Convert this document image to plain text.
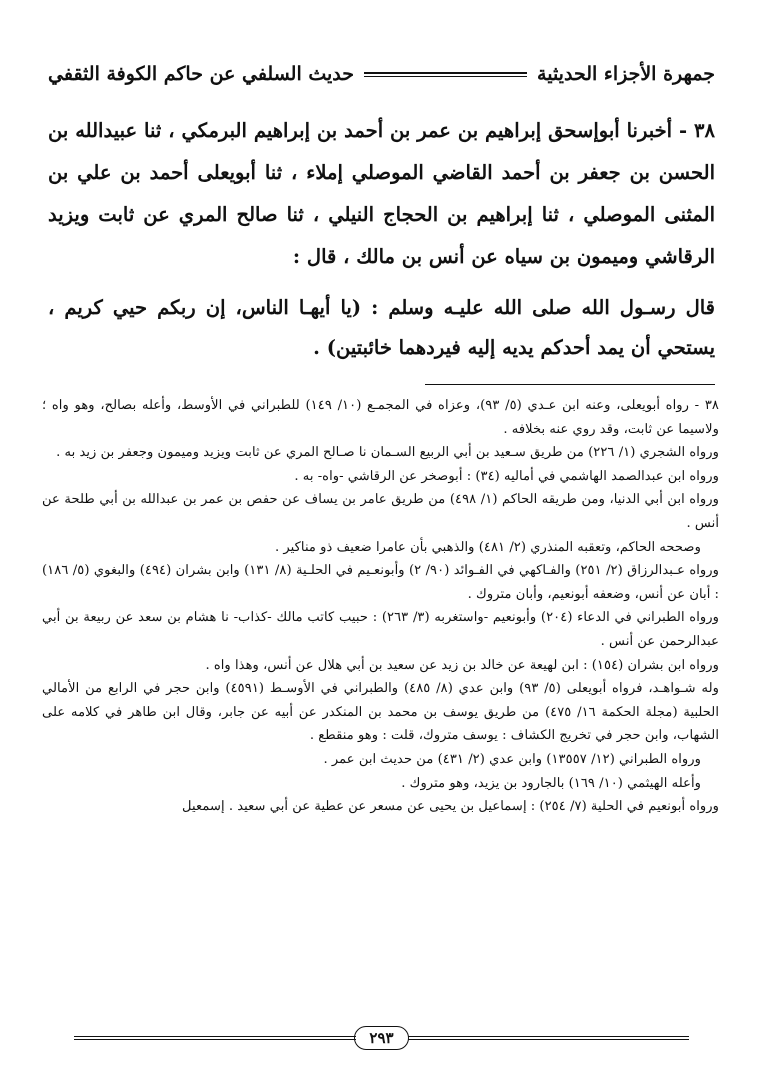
جمهرة الأجزاء الحديثية
حديث السلفي عن حاكم الكوفة الثقفي

٣٨ - أخبرنا أبوإسحق إبراهيم بن عمر بن أحمد بن إبراهيم البرمكي ، ثنا عبيدالله بن الحسن بن جعفر بن أحمد القاضي الموصلي إملاء ، ثنا أبويعلى أحمد بن علي بن المثنى الموصلي ، ثنا إبراهيم بن الحجاج النيلي ، ثنا صالح المري عن ثابت ويزيد الرقاشي وميمون بن سياه عن أنس بن مالك ، قال :

قال رسـول الله صلى الله عليـه وسلم : (يا أيهـا الناس، إن ربكم حيي كريم ، يستحي أن يمد أحدكم يديه إليه فيردهما خائبتين) .

٣٨ - رواه أبويعلى، وعنه ابن عـدي (٥/ ٩٣)، وعزاه في المجمـع (١٠/ ١٤٩) للطبراني في الأوسط، وأعله بصالح، وهو واه ؛ ولاسيما عن ثابت، وقد روي عنه بخلافه .

ورواه الشجري (١/ ٢٢٦) من طريق سـعيد بن أبي الربيع السـمان نا صـالح المري عن ثابت ويزيد وميمون وجعفر بن زيد به .

ورواه ابن عبدالصمد الهاشمي في أماليه (٣٤) : أبوصخر عن الرقاشي -واه- به .

ورواه ابن أبي الدنيا، ومن طريقه الحاكم (١/ ٤٩٨) من طريق عامر بن يساف عن حفص بن عمر بن عبدالله بن أبي طلحة عن أنس .

وصححه الحاكم، وتعقبه المنذري (٢/ ٤٨١) والذهبي بأن عامرا ضعيف ذو مناكير .

ورواه عـبدالرزاق (٢/ ٢٥١) والفـاكهي في الفـوائد (٩٠/ ٢) وأبونعـيم في الحلـية (٨/ ١٣١) وابن بشران (٤٩٤) والبغوي (٥/ ١٨٦) : أبان عن أنس، وضعفه أبونعيم، وأبان متروك .

ورواه الطبراني في الدعاء (٢٠٤) وأبونعيم -واستغربه (٣/ ٢٦٣) : حبيب كاتب مالك -كذاب- نا هشام بن سعد عن ربيعة بن أبي عبدالرحمن عن أنس .

ورواه ابن بشران (١٥٤) : ابن لهيعة عن خالد بن زيد عن سعيد بن أبي هلال عن أنس، وهذا واه .

وله شـواهـد، فرواه أبويعلى (٥/ ٩٣) وابن عدي (٨/ ٤٨٥) والطبراني في الأوسـط (٤٥٩١) وابن حجر في الرابع من الأمالي الحلبية (مجلة الحكمة ١٦/ ٤٧٥) من طريق يوسف بن محمد بن المنكدر عن أبيه عن جابر، وقال ابن طاهر في كلامه على الشهاب، وابن حجر في تخريج الكشاف : يوسف متروك، قلت : وهو منقطع .

ورواه الطبراني (١٢/ ١٣٥٥٧) وابن عدي (٢/ ٤٣١) من حديث ابن عمر .

وأعله الهيثمي (١٠/ ١٦٩) بالجارود بن يزيد، وهو متروك .

ورواه أبونعيم في الحلية (٧/ ٢٥٤) : إسماعيل بن يحيى عن مسعر عن عطية عن أبي سعيد . إسمعيل

٢٩٣
